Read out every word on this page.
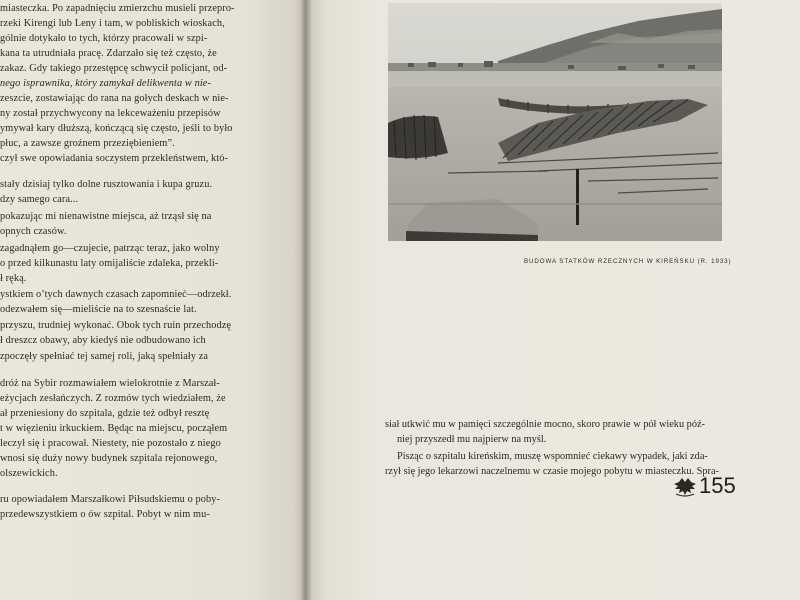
miasteczka. Po zapadnięciu zmierzchu musieli przepro-
rzeki Kirengi lub Leny i tam, w pobliskich wioskach,
gólnie dotykało to tych, którzy pracowali w szpi-
kana ta utrudniała pracę. Zdarzało się też często, że
zakaz. Gdy takiego przestępcę schwycił policjant, od-
nego isprawnika, który zamykał delikwenta w nie-
zeszcie, zostawiając do rana na gołych deskach w nie-
ny został przychwycony na lekceważeniu przepisów
ymywał kary dłuższą, kończącą się często, jeśli to było
płuc, a zawsze groźnem przeziębieniem”.
czył swe opowiadania soczystem przekleństwem, któ-
stały dzisiaj tylko dolne rusztowania i kupa gruzu.
dzy samego cara...
pokazując mi nienawistne miejsca, aż trząsł się na
opnych czasów.
zagadnąłem go—czujecie, patrząc teraz, jako wolny
o przed kilkunastu laty omijaliście zdaleka, przekli-
ł ręką.
ystkiem o’tych dawnych czasach zapomnieć—odrzekł.
odezwałem się—mieliście na to szesnaście lat.
przyszu, trudniej wykonać. Obok tych ruin przechodzę
ł dreszcz obawy, aby kiedyś nie odbudowano ich
zpoczęły spełniać tej samej roli, jaką spełniały za
dróż na Sybir rozmawiałem wielokrotnie z Marszał-
eżycjach zesłańczych. Z rozmów tych wiedziałem, że
ał przeniesiony do szpitala, gdzie też odbył resztę
t w więzieniu irkuckiem. Będąc na miejscu, począłem
leczył się i pracował. Niestety, nie pozostało z niego
wnosi się duży nowy budynek szpitala rejonowego,
olszewickich.
ru opowiadałem Marszałkowi Piłsudskiemu o poby-
przedewszystkiem o ów szpital. Pobyt w nim mu-
BUDOWA STATKÓW RZECZNYCH W KIREŃSKU (R. 1933)
siał utkwić mu w pamięci szczególnie mocno, skoro prawie w pół wieku póź-
niej przyszedł mu najpierw na myśl.
Pisząc o szpitalu kireńskim, muszę wspomnieć ciekawy wypadek, jaki zda-
rzył się jego lekarzowi naczelnemu w czasie mojego pobytu w miasteczku. Spra-
155
